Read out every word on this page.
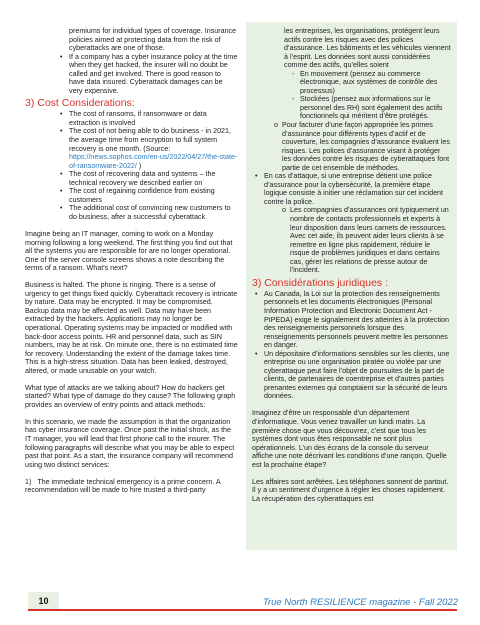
premiums for individual types of coverage. Insurance policies aimed at protecting data from the risk of cyberattacks are one of those.

• If a company has a cyber insurance policy at the time when they get hacked, the insurer will no doubt be called and get involved. There is good reason to have data insured. Cyberattack damages can be very expensive.
3) Cost Considerations:
• The cost of ransoms, if ransomware or data extraction is involved
• The cost of not being able to do business - in 2021, the average time from encryption to full system recovery is one month. (Source: https://news.sophos.com/en-us/2022/04/27/the-state-of-ransomware-2022/ )
• The cost of recovering data and systems – the technical recovery we described earlier on
• The cost of regaining confidence from existing customers
• The additional cost of convincing new customers to do business, after a successful cyberattack

Imagine being an IT manager, coming to work on a Monday morning following a long weekend. The first thing you find out that all the systems you are responsible for are no longer operational. One of the server console screens shows a note describing the terms of a ransom. What’s next?

Business is halted. The phone is ringing. There is a sense of urgency to get things fixed quickly. Cyberattack recovery is intricate by nature. Data may be encrypted. It may be compromised. Backup data may be affected as well. Data may have been extracted by the hackers. Applications may no longer be operational. Operating systems may be impacted or modified with back-door access points. HR and personnel data, such as SIN numbers, may be at risk. On minute one, there is no estimated time for recovery. Understanding the extent of the damage takes time. This is a high-stress situation. Data has been leaked, destroyed, altered, or made unusable on your watch.

What type of attacks are we talking about? How do hackers get started? What type of damage do they cause? The following graph provides an overview of entry points and attack methods:

In this scenario, we made the assumption is that the organization has cyber insurance coverage. Once past the initial shock, as the IT manager, you will lead that first phone call to the insurer. The following paragraphs will describe what you may be able to expect past that point. As a start, the insurance company will recommend using two distinct services:

1) The immediate technical emergency is a prime concern. A recommendation will be made to hire trusted a third-party

les entreprises, les organisations, protégent leurs actifs contre les risques avec des polices d’assurance. Les bâtiments et les véhicules viennent à l’esprit. Les données sont aussi considérées comme des actifs, qu’elles soient

- En mouvement (pensez au commerce électronique, aux systèmes de contrôle des processus)
- Stockées (pensez aux informations sur le personnel des RH) sont également des actifs fonctionnels qui méritent d’être protégés.
o Pour facturer d’une façon appropriée les primes d’assurance pour différents types d’actif et de couverture, les compagnies d’assurance évaluent les risques. Les polices d’assurance visant à protéger les données contre les risques de cyberattaques font partie de cet ensemble de méthodes.
• En cas d’attaque, si une entreprise détient une police d’assurance pour la cybersécurité, la première étape logique consiste à initier une réclamation sur cet incident contre la police.
o Les compagnies d’assurances ont typiquement un nombre de contacts professionnels et experts à leur disposition dans leurs carnets de ressources. Avec cet aide, ils peuvent aider leurs clients à se remettre en ligne plus rapidement, réduire le risque de problèmes juridiques et dans certains cas, gérer les relations de presse autour de l’incident.
3) Considérations juridiques :
• Au Canada, la Loi sur la protection des renseignements personnels et les documents électroniques (Personal Information Protection and Electronic Document Act - PIPEDA) exige le signalement des atteintes à la protection des renseignements personnels lorsque des renseignements personnels peuvent mettre les personnes en danger.
• Un dépositaire d’informations sensibles sur les clients, une entreprise ou une organisation piratée ou violée par une cyberattaque peut faire l’objet de poursuites de la part de clients, de partenaires de coentreprise et d’autres parties prenantes externes qui comptaient sur la sécurité de leurs données.

Imaginez d’être un responsable d’un département d’informatique. Vous venez travailler un lundi matin. La première chose que vous découvrez, c’est que tous les systèmes dont vous êtes responsable ne sont plus opérationnels. L’un des écrans de la console du serveur affiche une note décrivant les conditions d’une rançon. Quelle est la prochaine étape?

Les affaires sont arrêtées. Les téléphones sonnent de partout. Il y a un sentiment d’urgence à régler les choses rapidement. La récupération des cyberattaques est

10	True North RESILIENCE magazine - Fall 2022
